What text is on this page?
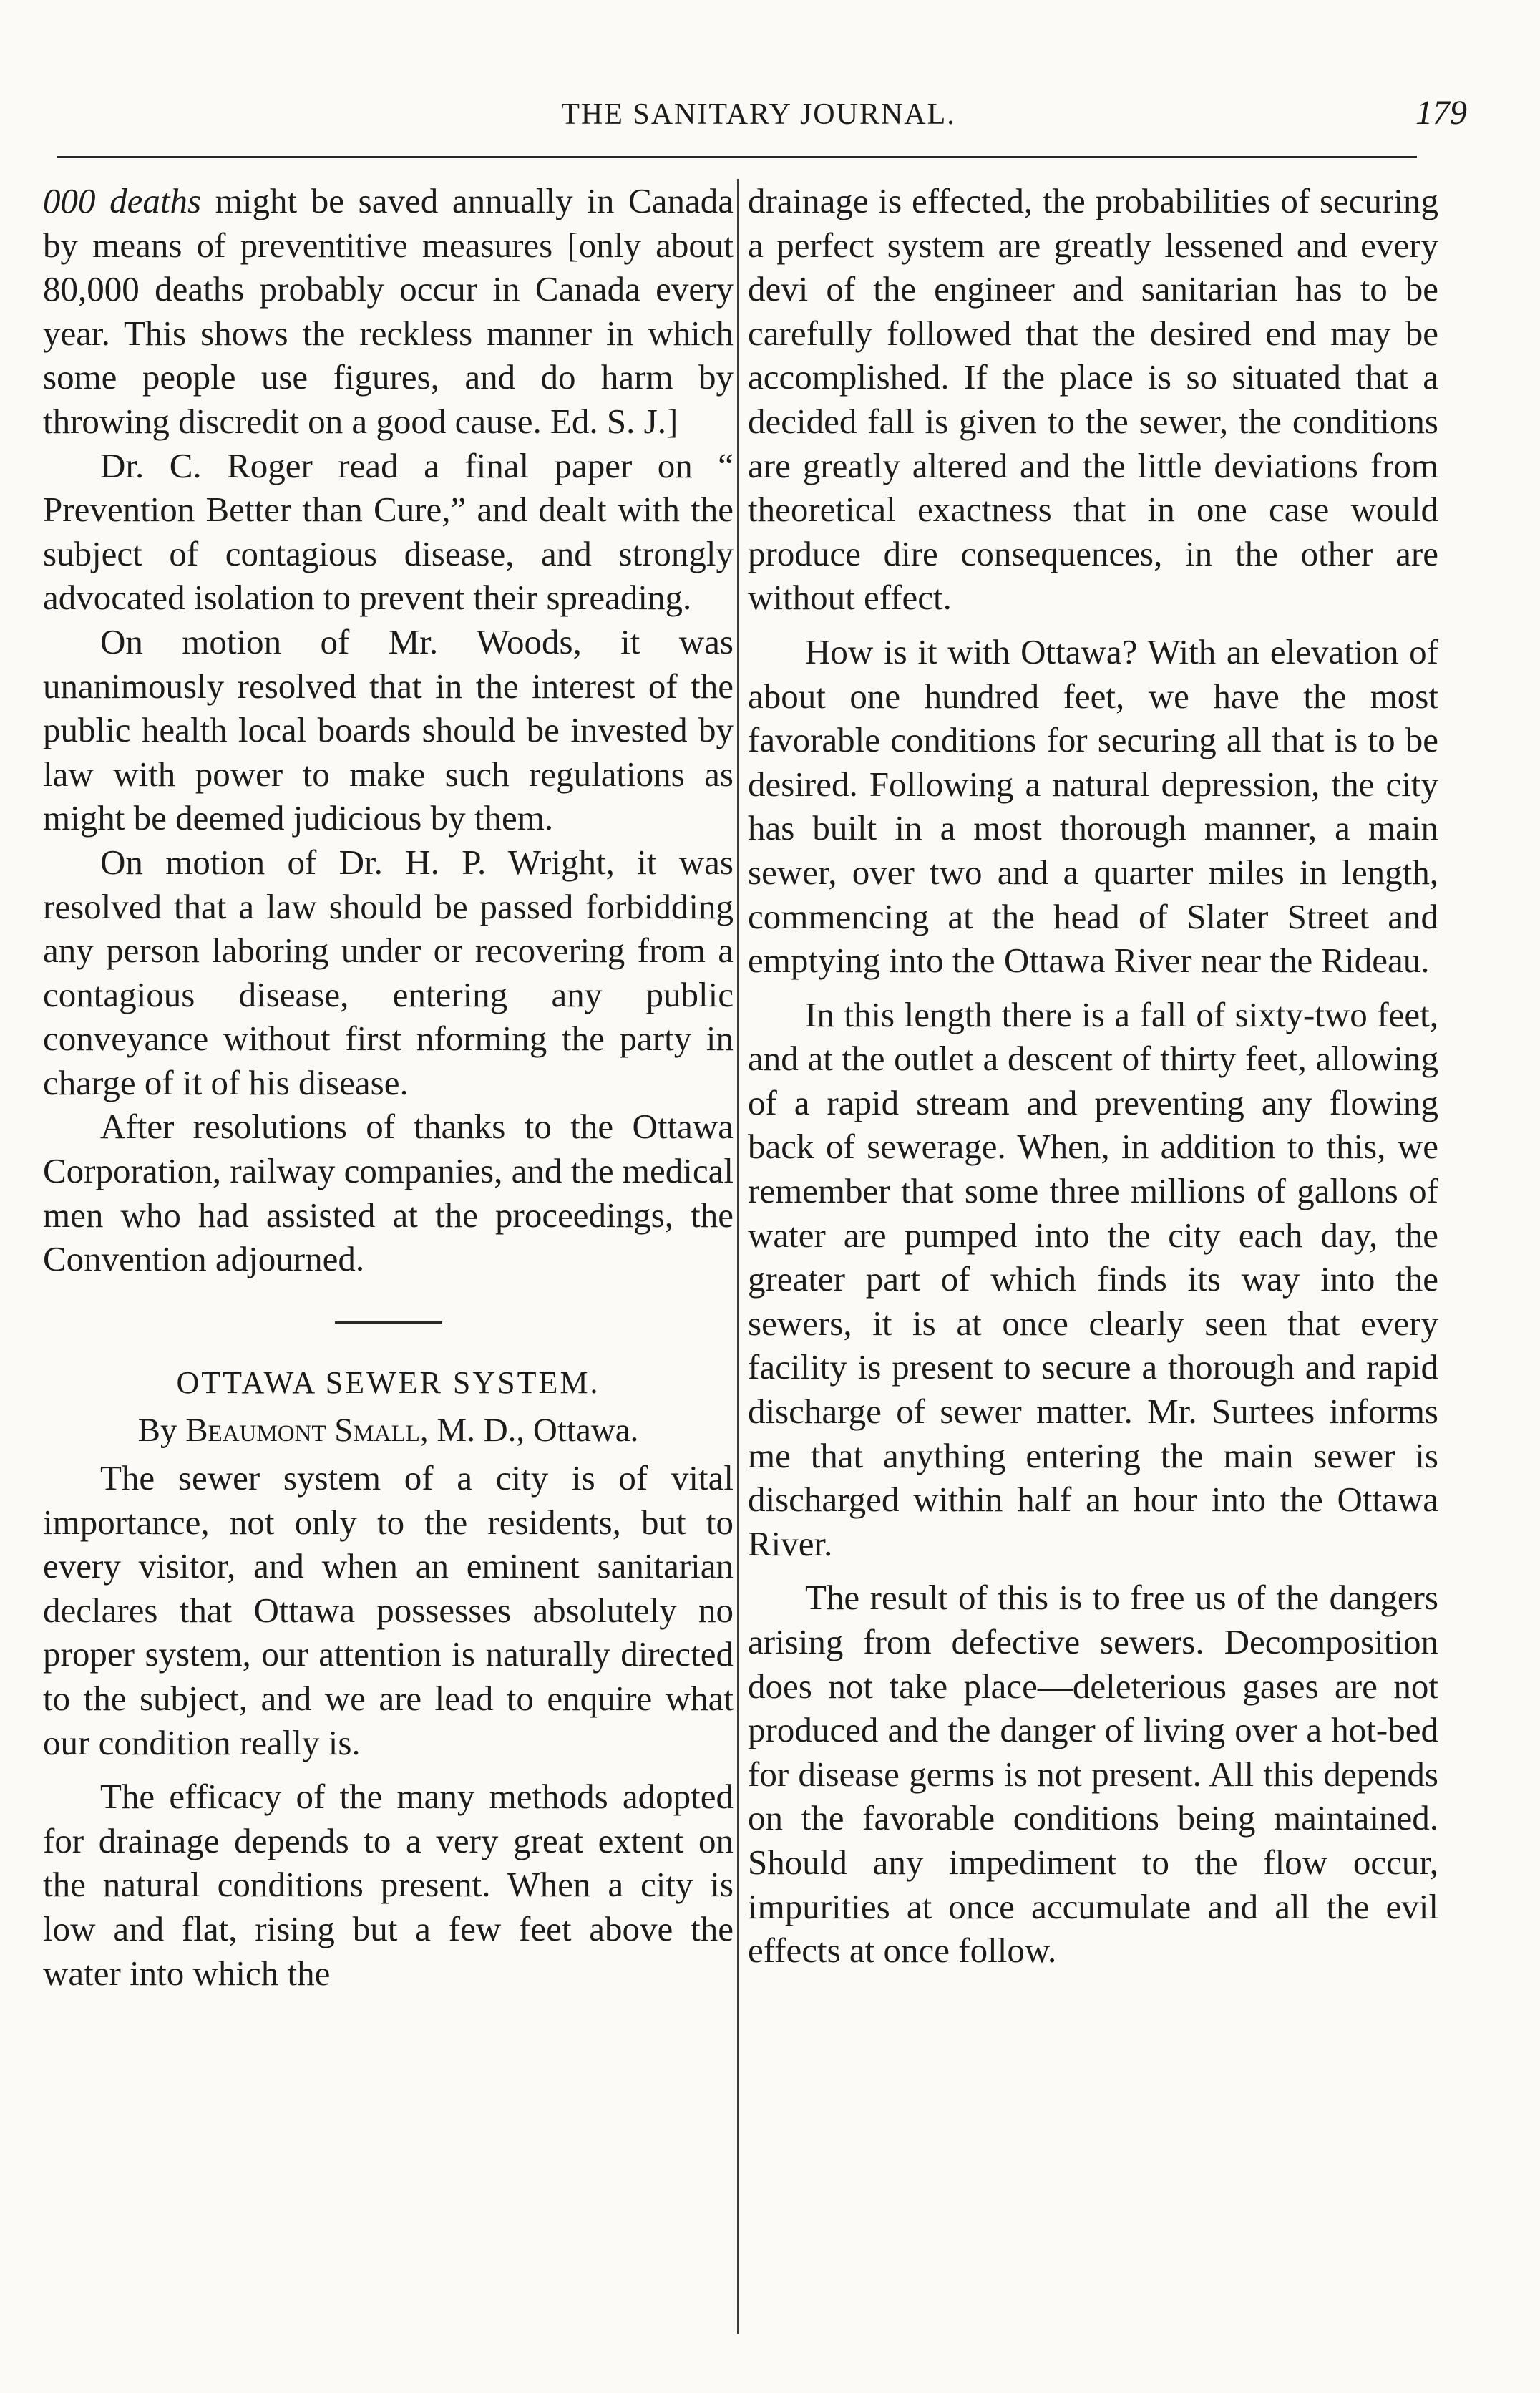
THE SANITARY JOURNAL.	179

000 deaths might be saved annually in Canada by means of preventitive measures [only about 80,000 deaths probably occur in Canada every year. This shows the reckless manner in which some people use figures, and do harm by throwing discredit on a good cause. Ed. S. J.]

Dr. C. Roger read a final paper on “ Prevention Better than Cure,” and dealt with the subject of contagious disease, and strongly advocated isolation to prevent their spreading.

On motion of Mr. Woods, it was unanimously resolved that in the interest of the public health local boards should be invested by law with power to make such regulations as might be deemed judicious by them.

On motion of Dr. H. P. Wright, it was resolved that a law should be passed forbidding any person laboring under or recovering from a contagious disease, entering any public conveyance without first nforming the party in charge of it of his disease.

After resolutions of thanks to the Ottawa Corporation, railway companies, and the medical men who had assisted at the proceedings, the Convention adjourned.

OTTAWA SEWER SYSTEM.

By Beaumont Small, M. D., Ottawa.

The sewer system of a city is of vital importance, not only to the residents, but to every visitor, and when an eminent sanitarian declares that Ottawa possesses absolutely no proper system, our attention is naturally directed to the subject, and we are lead to enquire what our condition really is.

The efficacy of the many methods adopted for drainage depends to a very great extent on the natural conditions present. When a city is low and flat, rising but a few feet above the water into which the

drainage is effected, the probabilities of securing a perfect system are greatly lessened and every devi of the engineer and sanitarian has to be carefully followed that the desired end may be accomplished. If the place is so situated that a decided fall is given to the sewer, the conditions are greatly altered and the little deviations from theoretical exactness that in one case would produce dire consequences, in the other are without effect.

How is it with Ottawa? With an elevation of about one hundred feet, we have the most favorable conditions for securing all that is to be desired. Following a natural depression, the city has built in a most thorough manner, a main sewer, over two and a quarter miles in length, commencing at the head of Slater Street and emptying into the Ottawa River near the Rideau.

In this length there is a fall of sixty-two feet, and at the outlet a descent of thirty feet, allowing of a rapid stream and preventing any flowing back of sewerage. When, in addition to this, we remember that some three millions of gallons of water are pumped into the city each day, the greater part of which finds its way into the sewers, it is at once clearly seen that every facility is present to secure a thorough and rapid discharge of sewer matter. Mr. Surtees informs me that anything entering the main sewer is discharged within half an hour into the Ottawa River.

The result of this is to free us of the dangers arising from defective sewers. Decomposition does not take place—deleterious gases are not produced and the danger of living over a hot-bed for disease germs is not present. All this depends on the favorable conditions being maintained. Should any impediment to the flow occur, impurities at once accumulate and all the evil effects at once follow.
